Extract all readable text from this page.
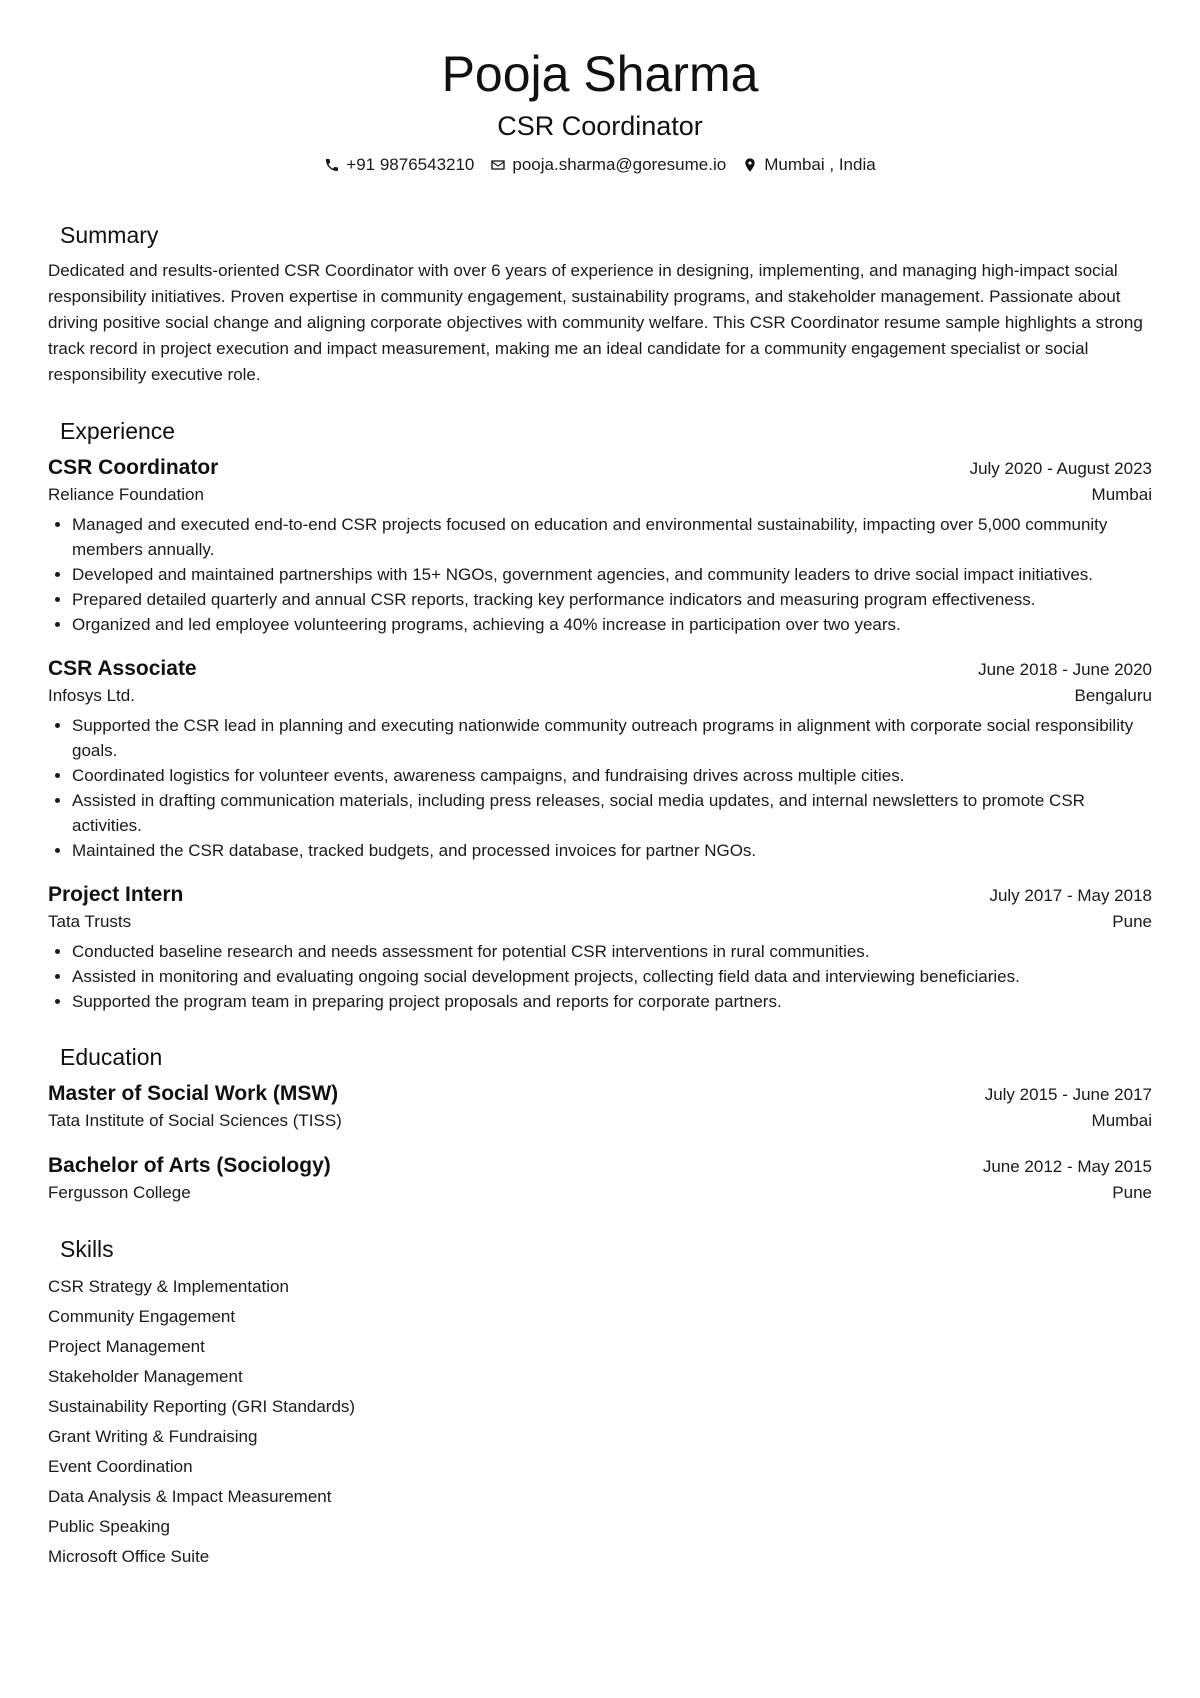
Pooja Sharma
CSR Coordinator
+91 9876543210 pooja.sharma@goresume.io Mumbai , India
Summary

Dedicated and results-oriented CSR Coordinator with over 6 years of experience in designing, implementing, and managing high-impact social responsibility initiatives. Proven expertise in community engagement, sustainability programs, and stakeholder management. Passionate about driving positive social change and aligning corporate objectives with community welfare. This CSR Coordinator resume sample highlights a strong track record in project execution and impact measurement, making me an ideal candidate for a community engagement specialist or social responsibility executive role.

Experience
CSR Coordinator	July 2020 - August 2023
Reliance Foundation	Mumbai
• Managed and executed end-to-end CSR projects focused on education and environmental sustainability, impacting over 5,000 community members annually.
• Developed and maintained partnerships with 15+ NGOs, government agencies, and community leaders to drive social impact initiatives.
• Prepared detailed quarterly and annual CSR reports, tracking key performance indicators and measuring program effectiveness.
• Organized and led employee volunteering programs, achieving a 40% increase in participation over two years.
CSR Associate	June 2018 - June 2020
Infosys Ltd.	Bengaluru
• Supported the CSR lead in planning and executing nationwide community outreach programs in alignment with corporate social responsibility goals.
• Coordinated logistics for volunteer events, awareness campaigns, and fundraising drives across multiple cities.
• Assisted in drafting communication materials, including press releases, social media updates, and internal newsletters to promote CSR activities.
• Maintained the CSR database, tracked budgets, and processed invoices for partner NGOs.
Project Intern	July 2017 - May 2018
Tata Trusts	Pune
• Conducted baseline research and needs assessment for potential CSR interventions in rural communities.
• Assisted in monitoring and evaluating ongoing social development projects, collecting field data and interviewing beneficiaries.
• Supported the program team in preparing project proposals and reports for corporate partners.
Education
Master of Social Work (MSW)	July 2015 - June 2017
Tata Institute of Social Sciences (TISS)	Mumbai
Bachelor of Arts (Sociology)	June 2012 - May 2015
Fergusson College	Pune
Skills
CSR Strategy & Implementation
Community Engagement
Project Management
Stakeholder Management
Sustainability Reporting (GRI Standards)
Grant Writing & Fundraising
Event Coordination
Data Analysis & Impact Measurement
Public Speaking
Microsoft Office Suite
